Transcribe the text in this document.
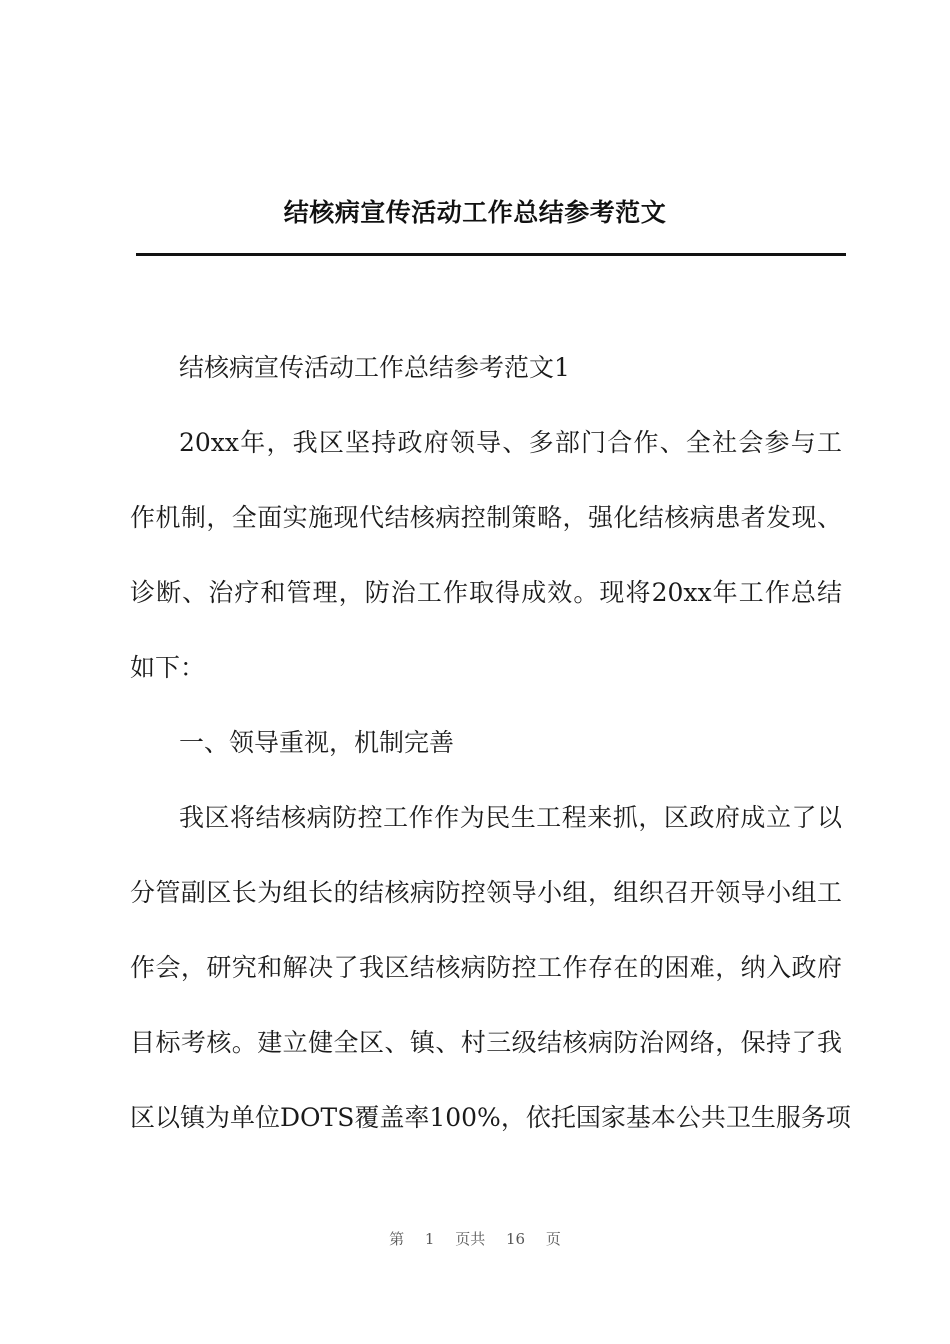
结核病宣传活动工作总结参考范文
结核病宣传活动工作总结参考范文1
20xx年，我区坚持政府领导、多部门合作、全社会参与工
作机制，全面实施现代结核病控制策略，强化结核病患者发现、
诊断、治疗和管理，防治工作取得成效。现将20xx年工作总结
如下：
一、领导重视，机制完善
我区将结核病防控工作作为民生工程来抓，区政府成立了以
分管副区长为组长的结核病防控领导小组，组织召开领导小组工
作会，研究和解决了我区结核病防控工作存在的困难，纳入政府
目标考核。建立健全区、镇、村三级结核病防治网络，保持了我
区以镇为单位DOTS覆盖率100%，依托国家基本公共卫生服务项
第 1 页共 16 页
